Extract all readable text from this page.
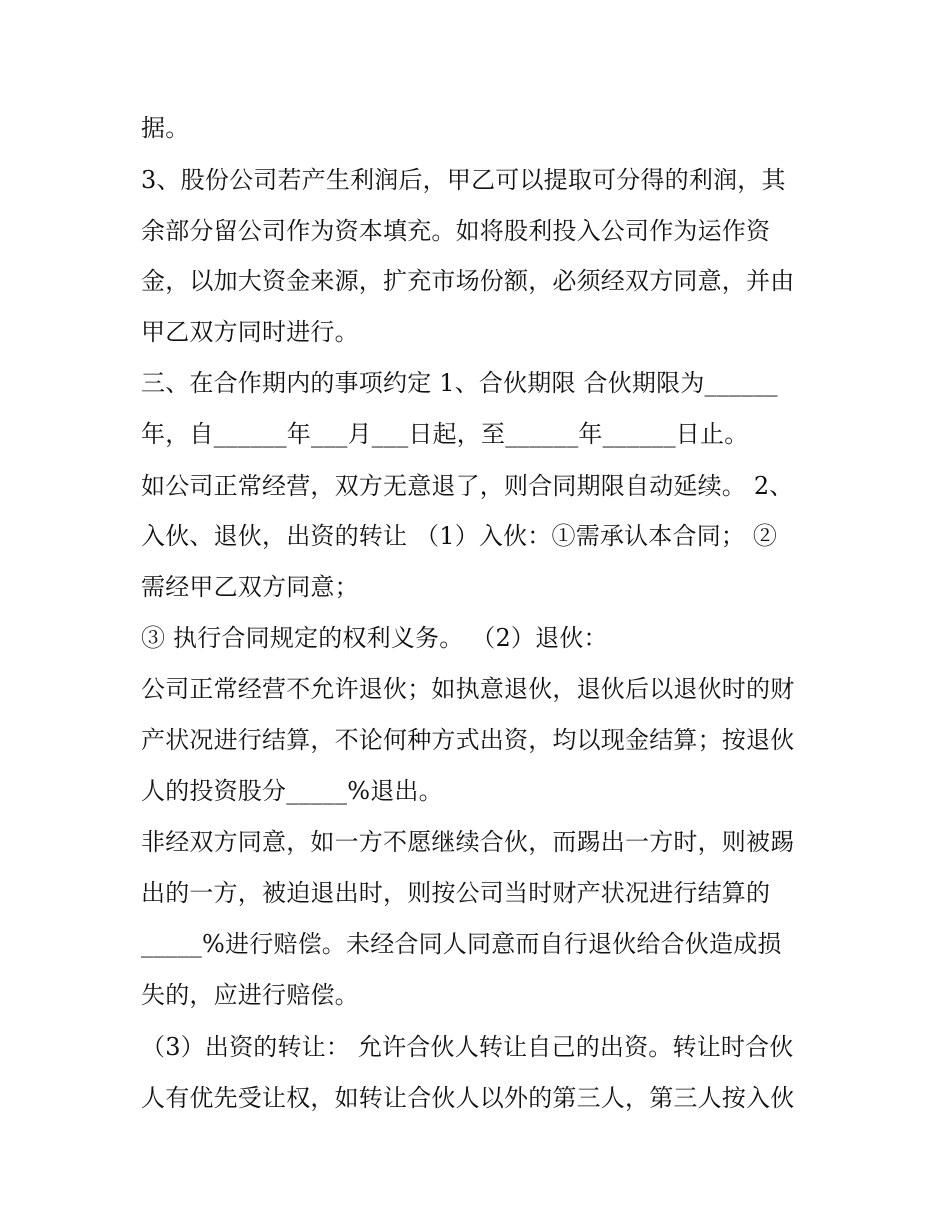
据。
3、股份公司若产生利润后，甲乙可以提取可分得的利润，其
余部分留公司作为资本填充。如将股利投入公司作为运作资
金，以加大资金来源，扩充市场份额，必须经双方同意，并由
甲乙双方同时进行。
三、在合作期内的事项约定 1、合伙期限 合伙期限为______
年，自______年___月___日起，至______年______日止。
如公司正常经营，双方无意退了，则合同期限自动延续。 2、
入伙、退伙，出资的转让 （1）入伙：①需承认本合同； ②
需经甲乙双方同意；
③ 执行合同规定的权利义务。 （2）退伙：
公司正常经营不允许退伙；如执意退伙，退伙后以退伙时的财
产状况进行结算，不论何种方式出资，均以现金结算；按退伙
人的投资股分_____%退出。
非经双方同意，如一方不愿继续合伙，而踢出一方时，则被踢
出的一方，被迫退出时，则按公司当时财产状况进行结算的
_____%进行赔偿。未经合同人同意而自行退伙给合伙造成损
失的，应进行赔偿。
（3）出资的转让： 允许合伙人转让自己的出资。转让时合伙
人有优先受让权，如转让合伙人以外的第三人，第三人按入伙
